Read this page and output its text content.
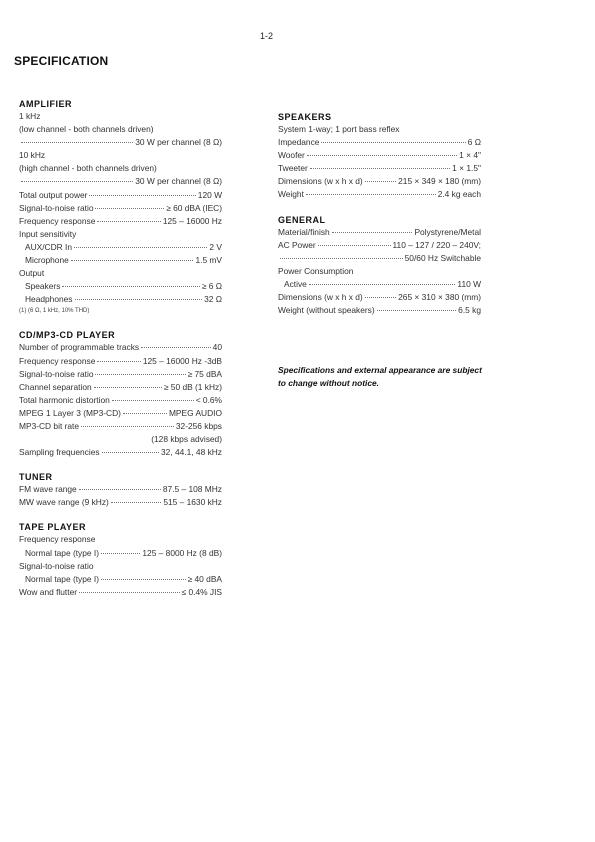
1-2
SPECIFICATION
AMPLIFIER
1 kHz
(low channel - both channels driven)
30 W per channel (8 Ω)
10 kHz
(high channel - both channels driven)
30 W per channel (8 Ω)
Total output power	120 W
Signal-to-noise ratio	≥ 60 dBA (IEC)
Frequency response	125 – 16000 Hz
Input sensitivity
AUX/CDR In	2 V
Microphone	1.5 mV
Output
Speakers	≥ 6 Ω
Headphones	32 Ω
(1) (6 Ω, 1 kHz, 10% THD)
CD/MP3-CD PLAYER
Number of programmable tracks	40
Frequency response	125 – 16000 Hz -3dB
Signal-to-noise ratio	≥ 75 dBA
Channel separation	≥ 50 dB (1 kHz)
Total harmonic distortion	< 0.6%
MPEG 1 Layer 3 (MP3-CD)	MPEG AUDIO
MP3-CD bit rate	32-256 kbps
(128 kbps advised)
Sampling frequencies	32, 44.1, 48 kHz
TUNER
FM wave range	87.5 – 108 MHz
MW wave range (9 kHz)	515 – 1630 kHz
TAPE PLAYER
Frequency response
Normal tape (type I)	125 – 8000 Hz (8 dB)
Signal-to-noise ratio
Normal tape (type I)	≥ 40 dBA
Wow and flutter	≤ 0.4% JIS
SPEAKERS
System 1-way; 1 port bass reflex
Impedance	6 Ω
Woofer	1 × 4"
Tweeter	1 × 1.5"
Dimensions (w x h x d)	215 × 349 × 180 (mm)
Weight	2.4 kg each
GENERAL
Material/finish	Polystyrene/Metal
AC Power	110 – 127 / 220 – 240V;
50/60 Hz Switchable
Power Consumption
Active	110 W
Dimensions (w x h x d)	265 × 310 × 380 (mm)
Weight (without speakers)	6.5 kg
Specifications and external appearance are subject to change without notice.
